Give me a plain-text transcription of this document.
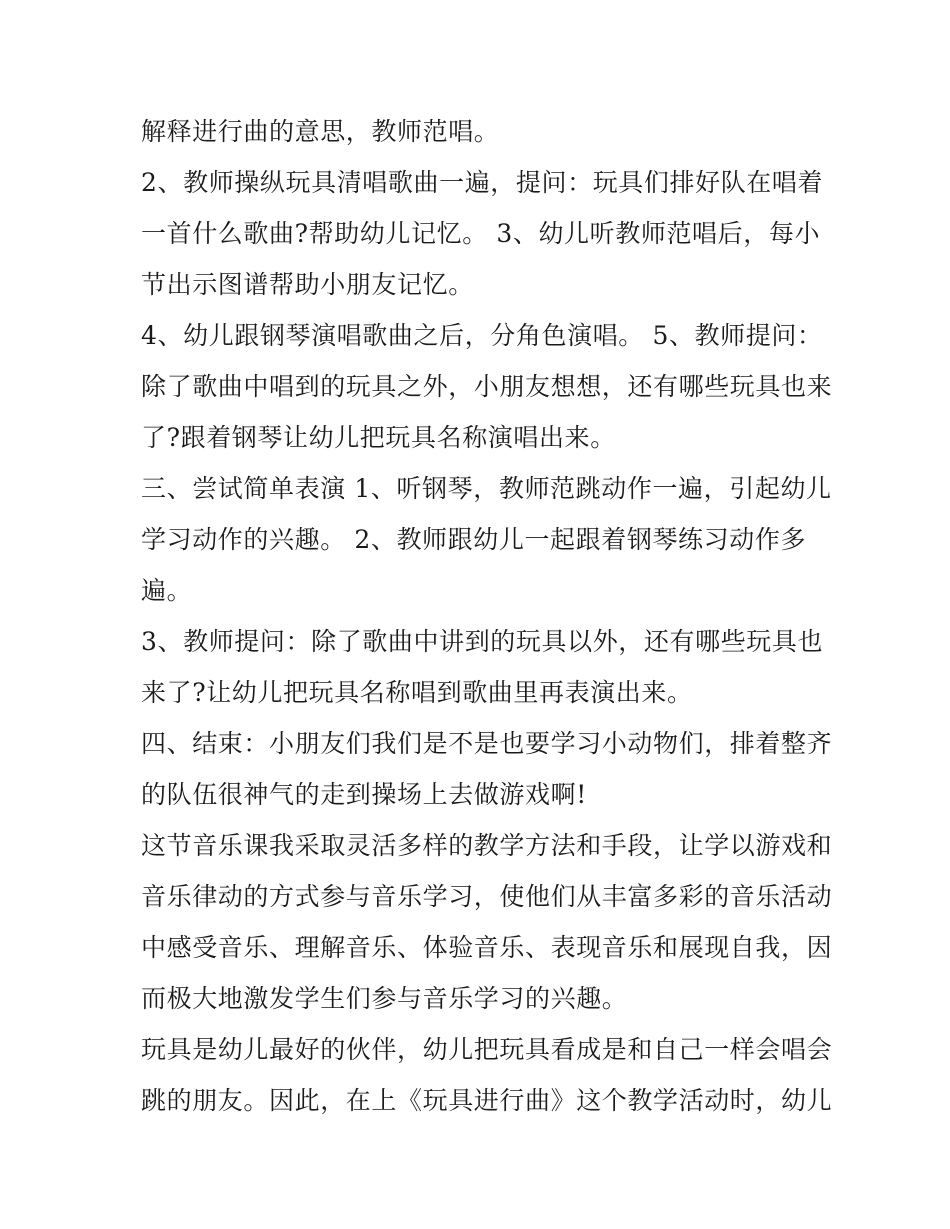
解释进行曲的意思，教师范唱。
2、教师操纵玩具清唱歌曲一遍，提问：玩具们排好队在唱着
一首什么歌曲?帮助幼儿记忆。 3、幼儿听教师范唱后，每小
节出示图谱帮助小朋友记忆。
4、幼儿跟钢琴演唱歌曲之后，分角色演唱。 5、教师提问：
除了歌曲中唱到的玩具之外，小朋友想想，还有哪些玩具也来
了?跟着钢琴让幼儿把玩具名称演唱出来。
三、尝试简单表演 1、听钢琴，教师范跳动作一遍，引起幼儿
学习动作的兴趣。 2、教师跟幼儿一起跟着钢琴练习动作多
遍。
3、教师提问：除了歌曲中讲到的玩具以外，还有哪些玩具也
来了?让幼儿把玩具名称唱到歌曲里再表演出来。
四、结束：小朋友们我们是不是也要学习小动物们，排着整齐
的队伍很神气的走到操场上去做游戏啊!
这节音乐课我采取灵活多样的教学方法和手段，让学以游戏和
音乐律动的方式参与音乐学习，使他们从丰富多彩的音乐活动
中感受音乐、理解音乐、体验音乐、表现音乐和展现自我，因
而极大地激发学生们参与音乐学习的兴趣。
玩具是幼儿最好的伙伴，幼儿把玩具看成是和自己一样会唱会
跳的朋友。因此，在上《玩具进行曲》这个教学活动时，幼儿
